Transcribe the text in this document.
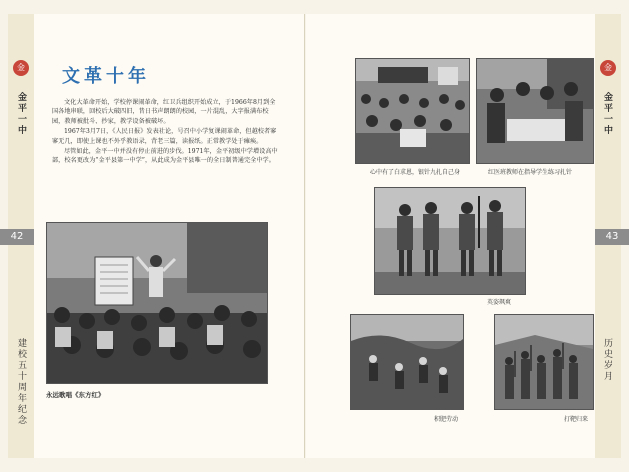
金
金平一中
42
建校五十周年纪念
文革十年

文化大革命开始，学校停课闹革命，红卫兵组织开始成立，于1966年8月到全国各地串联，回校后大破四旧，昔日书声朗朗的校园，一片混乱，大字报满布校园，教师被批斗、抄家，教学设备被破坏。

1967年3月7日，《人民日报》发表社论，号召中小学复课闹革命，但越校者寥寥无几，即使上课也不外乎教语录，背老三篇，读报纸。正常教学处于瘫痪。

尽管如此，金平一中并没有停止前进的步伐。1971年，金平初级中学增设高中部，校名更改为“金平县第一中学”，从此成为金平县唯一的全日制普通完全中学。

永远歌唱《东方红》
金
金平一中
43
历史岁月
心中有了白求恩，银针九扎自己身	红医班教师在指导学生练习扎针
英姿飒爽
积肥劳动	打靶归来
